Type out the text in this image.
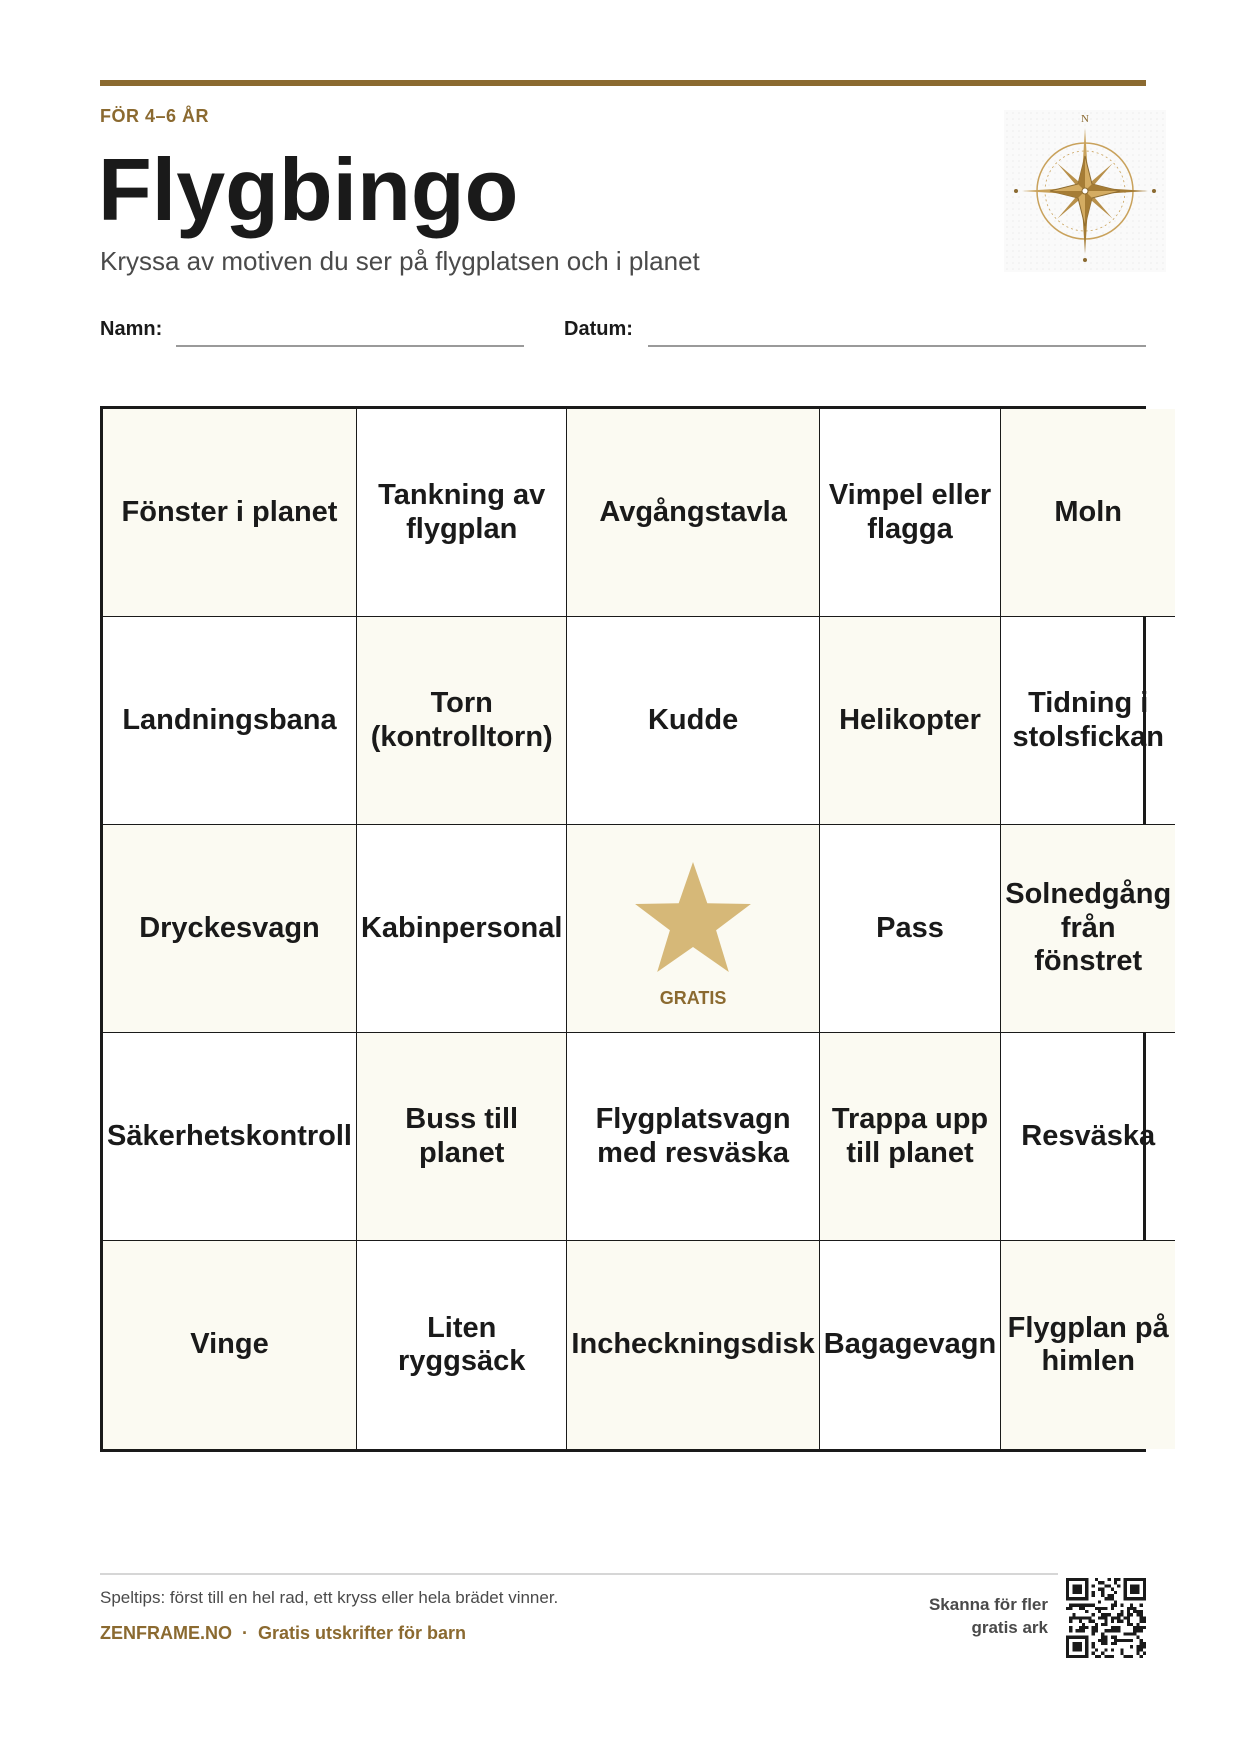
FÖR 4–6 ÅR
Flygbingo
Kryssa av motiven du ser på flygplatsen och i planet
N
Namn:	Datum:
Fönster i planet
Tankning av flygplan
Avgångstavla
Vimpel eller flagga
Moln
Landningsbana
Torn (kontrolltorn)
Kudde	Helikopter
Tidning i stolsfickan
Dryckesvagn Kabinpersonal
GRATIS
Pass
Solnedgång från fönstret
Säkerhetskontroll
Buss till planet
Flygplatsvagn med resväska
Trappa upp till planet
Resväska
Vinge
Liten ryggsäck
Incheckningsdisk Bagagevagn
Flygplan på himlen
Speltips: först till en hel rad, ett kryss eller hela brädet vinner.
ZENFRAME.NO · Gratis utskrifter för barn
Skanna för fler
gratis ark
